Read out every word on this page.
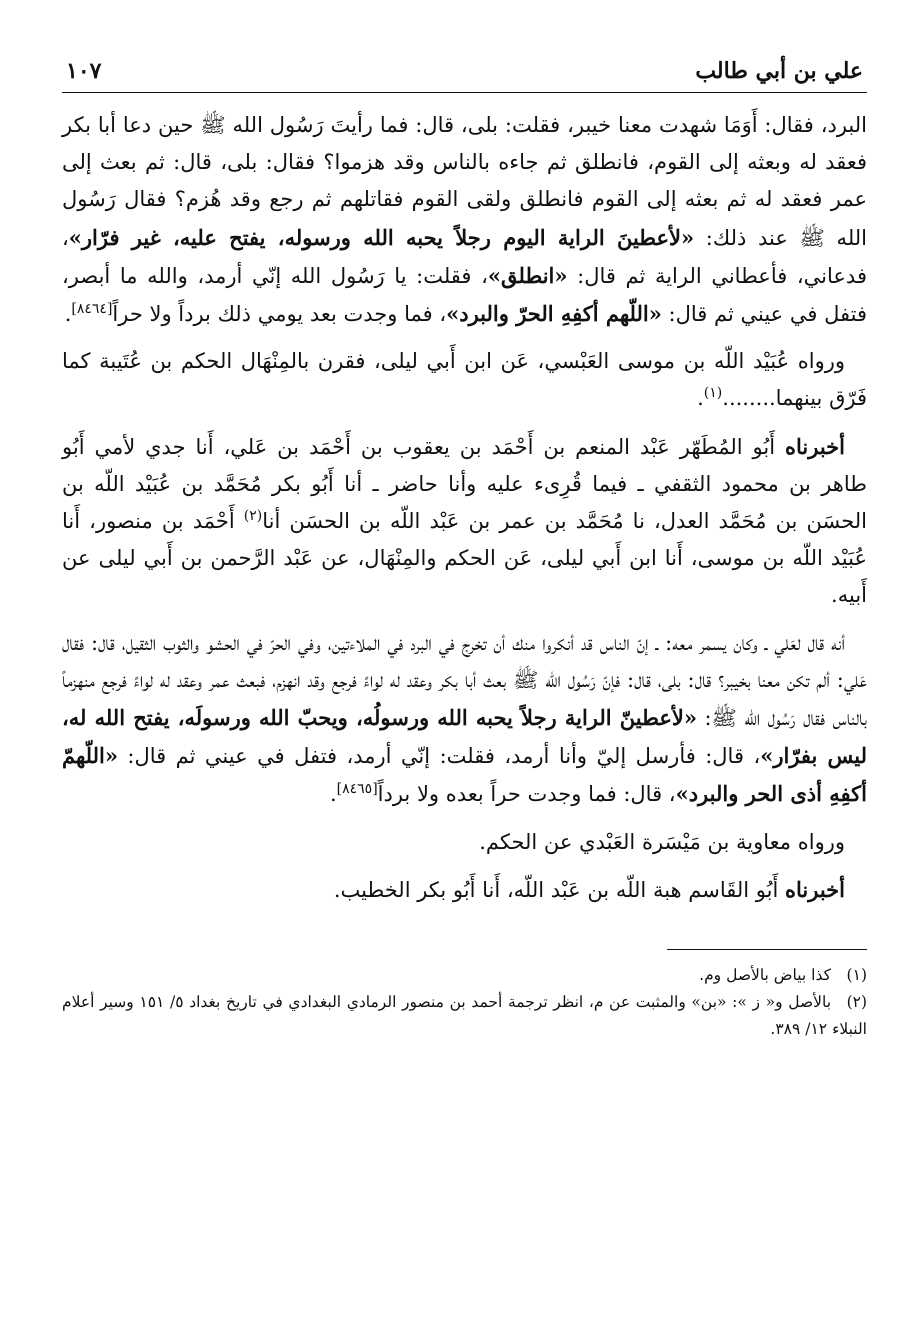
علي بن أبي طالب
١٠٧

البرد، فقال: أَوَمَا شهدت معنا خيبر، فقلت: بلى، قال: فما رأيتَ رَسُول الله ﷺ حين دعا أبا بكر فعقد له وبعثه إلى القوم، فانطلق ثم جاءه بالناس وقد هزموا؟ فقال: بلى، قال: ثم بعث إلى عمر فعقد له ثم بعثه إلى القوم فانطلق ولقى القوم فقاتلهم ثم رجع وقد هُزم؟ فقال رَسُول الله ﷺ عند ذلك: «لأعطينَ الراية اليوم رجلاً يحبه الله ورسوله، يفتح عليه، غير فرّار»، فدعاني، فأعطاني الراية ثم قال: «انطلق»، فقلت: يا رَسُول الله إنّي أرمد، والله ما أبصر، فتفل في عيني ثم قال: «اللّهم أكفِهِ الحرّ والبرد»، فما وجدت بعد يومي ذلك برداً ولا حراً[٨٤٦٤].

ورواه عُبَيْد اللّه بن موسى العَبْسي، عَن ابن أَبي ليلى، فقرن بالمِنْهَال الحكم بن عُتَيبة كما فَرّق بينهما........$^{(١)}$.

أخبرناه أَبُو المُطَهّر عَبْد المنعم بن أَحْمَد بن يعقوب بن أَحْمَد بن عَلي، أَنا جدي لأمي أَبُو طاهر بن محمود الثقفي ـ فيما قُرِىء عليه وأنا حاضر ـ أنا أَبُو بكر مُحَمَّد بن عُبَيْد اللّه بن الحسَن بن مُحَمَّد العدل، نا مُحَمَّد بن عمر بن عَبْد اللّه بن الحسَن أنا$^{(٢)}$ أَحْمَد بن منصور، أَنا عُبَيْد اللّه بن موسى، أَنا ابن أَبي ليلى، عَن الحكم والمِنْهَال، عن عَبْد الرَّحمن بن أَبي ليلى عن أَبيه.

أنه قال لعَلي ـ وكان يسمر معه: ـ إنّ الناس قد أنكروا منك أن تخرج في البرد في الملاءتين، وفي الحرّ في الحشو والثوب الثقيل، قال: فقال عَلي: ألم تكن معنا بخيبر؟ قال: بلى، قال: فإنّ رَسُول الله ﷺ بعث أبا بكر وعقد له لواءً فرجع وقد انهزم، فبعث عمر وعقد له لواءً فرجع منهزماً بالناس فقال رَسُول الله ﷺ: «لأعطينّ الراية رجلاً يحبه الله ورسولُه، ويحبّ الله ورسولَه، يفتح الله له، ليس بفرّار»، قال: فأرسل إليّ وأنا أرمد، فقلت: إنّي أرمد، فتفل في عيني ثم قال: «اللّهمّ أكفِهِ أذى الحر والبرد»، قال: فما وجدت حراً بعده ولا برداً[٨٤٦٥].

ورواه معاوية بن مَيْسَرة العَبْدي عن الحكم.

أخبرناه أَبُو القَاسم هبة اللّه بن عَبْد اللّه، أَنا أَبُو بكر الخطيب.

(١)كذا بياض بالأصل وم.

(٢)بالأصل و« ز »: «بن» والمثبت عن م، انظر ترجمة أحمد بن منصور الرمادي البغدادي في تاريخ بغداد ٥/ ١٥١ وسير أعلام النبلاء ١٢/ ٣٨٩.
